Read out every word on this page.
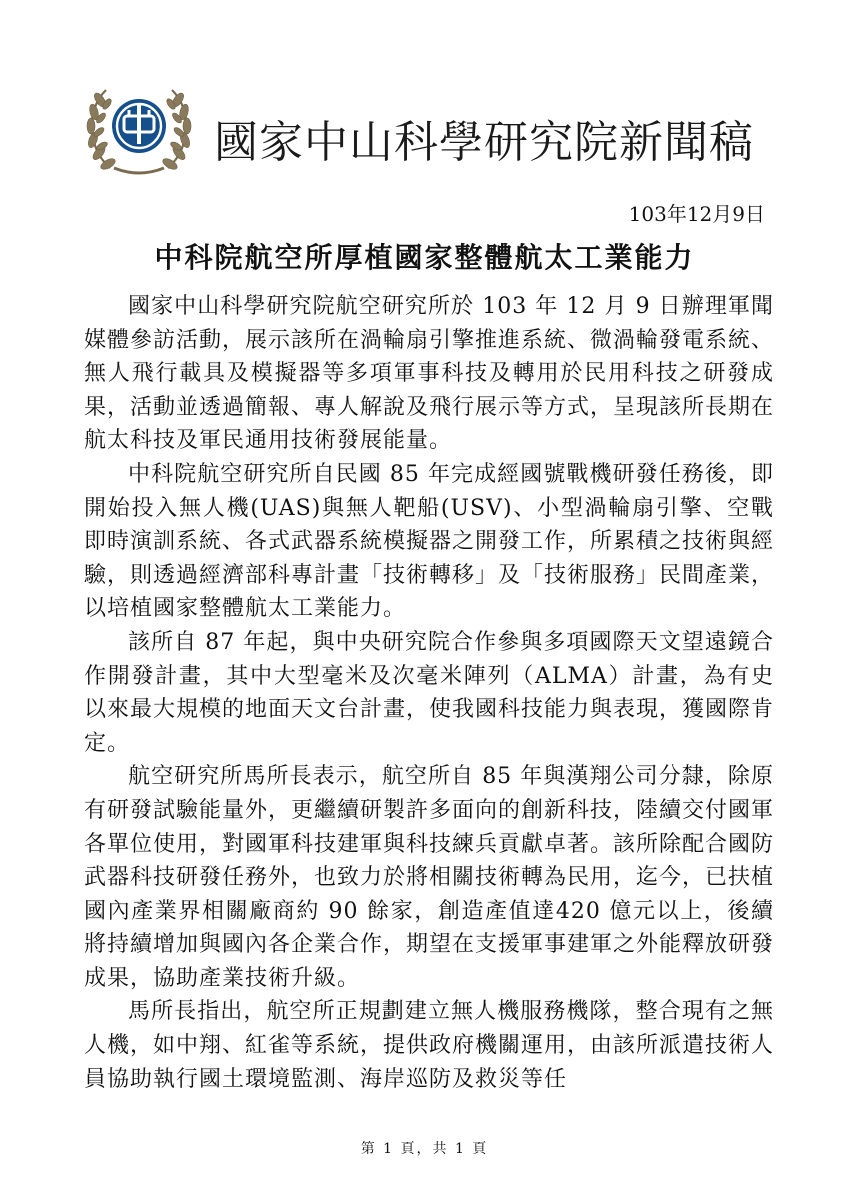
國家中山科學研究院新聞稿
103年12月9日
中科院航空所厚植國家整體航太工業能力

國家中山科學研究院航空研究所於 103 年 12 月 9 日辦理軍聞媒體參訪活動，展示該所在渦輪扇引擎推進系統、微渦輪發電系統、無人飛行載具及模擬器等多項軍事科技及轉用於民用科技之研發成果，活動並透過簡報、專人解說及飛行展示等方式，呈現該所長期在航太科技及軍民通用技術發展能量。

中科院航空研究所自民國 85 年完成經國號戰機研發任務後，即開始投入無人機(UAS)與無人靶船(USV)、小型渦輪扇引擎、空戰即時演訓系統、各式武器系統模擬器之開發工作，所累積之技術與經驗，則透過經濟部科專計畫「技術轉移」及「技術服務」民間產業，以培植國家整體航太工業能力。

該所自 87 年起，與中央研究院合作參與多項國際天文望遠鏡合作開發計畫，其中大型毫米及次毫米陣列（ALMA）計畫，為有史以來最大規模的地面天文台計畫，使我國科技能力與表現，獲國際肯定。

航空研究所馬所長表示，航空所自 85 年與漢翔公司分隸，除原有研發試驗能量外，更繼續研製許多面向的創新科技，陸續交付國軍各單位使用，對國軍科技建軍與科技練兵貢獻卓著。該所除配合國防武器科技研發任務外，也致力於將相關技術轉為民用，迄今，已扶植國內產業界相關廠商約 90 餘家，創造產值達420 億元以上，後續將持續增加與國內各企業合作，期望在支援軍事建軍之外能釋放研發成果，協助產業技術升級。

馬所長指出，航空所正規劃建立無人機服務機隊，整合現有之無人機，如中翔、紅雀等系統，提供政府機關運用，由該所派遣技術人員協助執行國土環境監測、海岸巡防及救災等任

第 1 頁，共 1 頁
